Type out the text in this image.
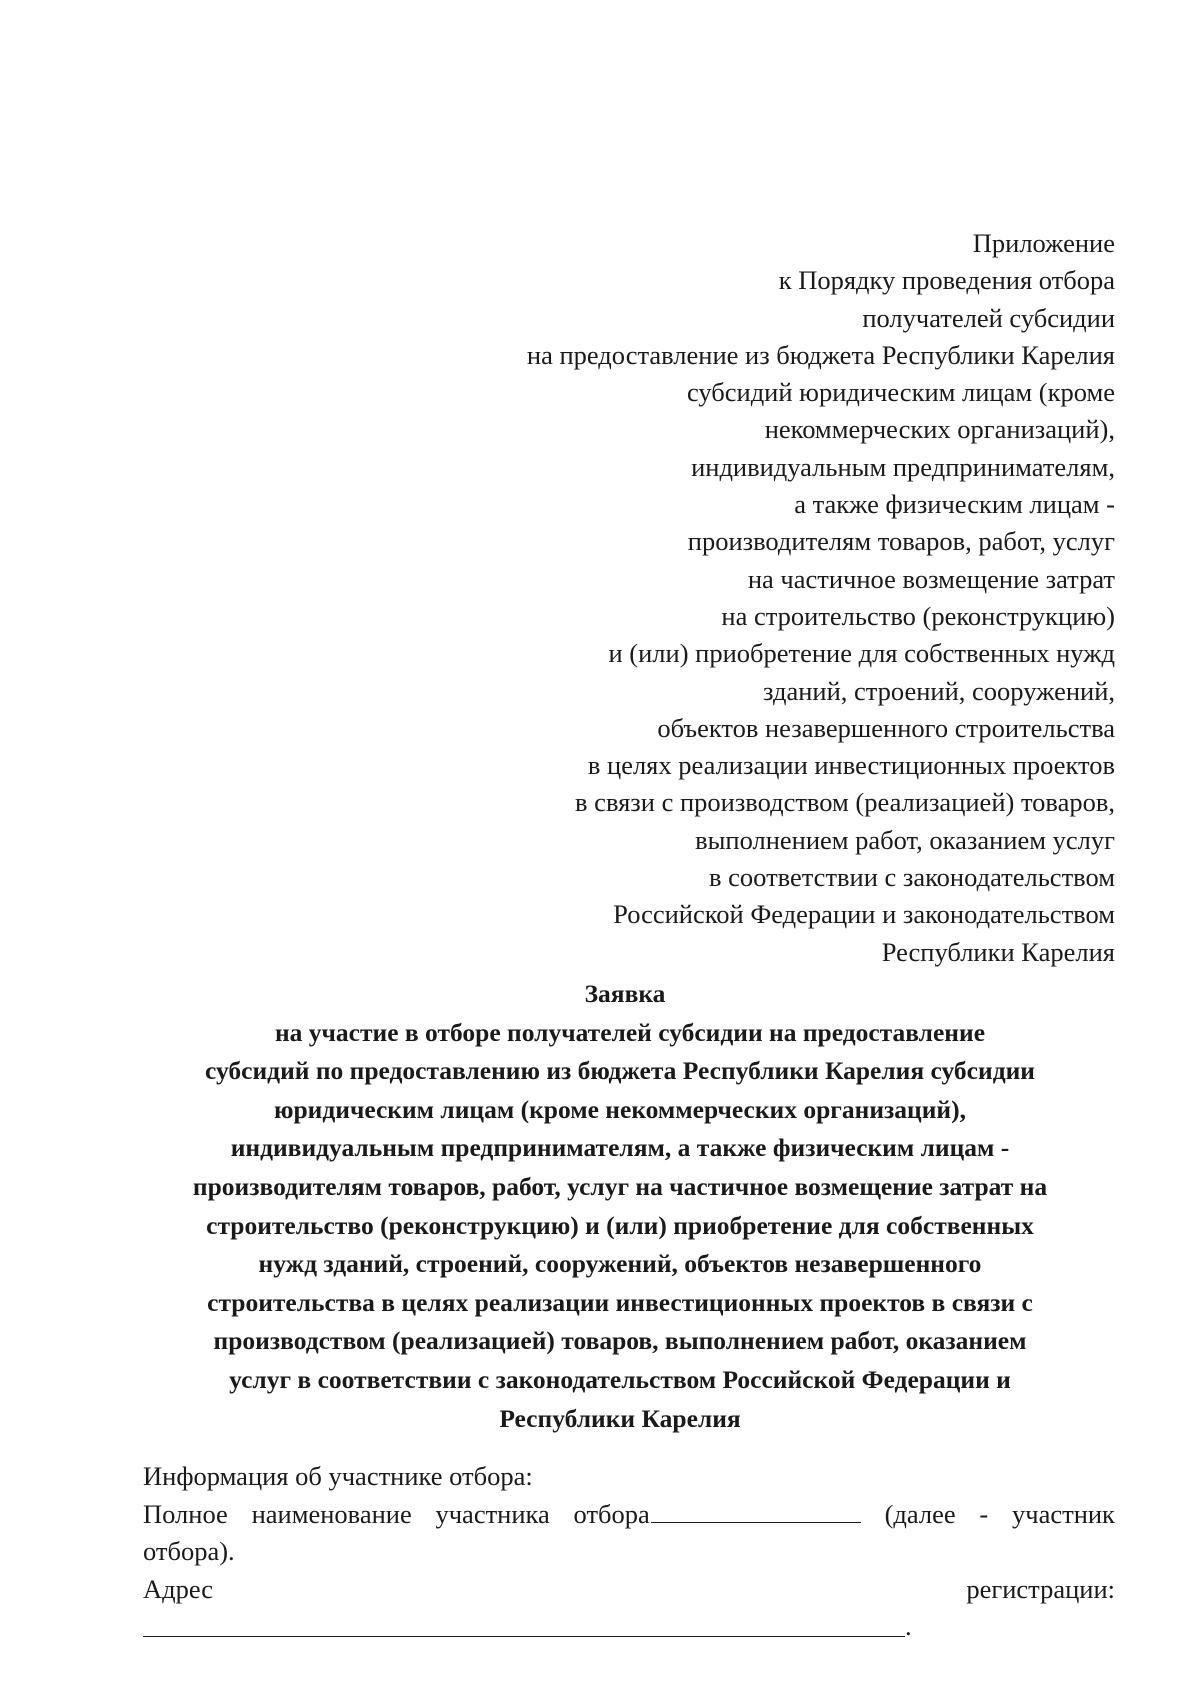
Приложение
к Порядку проведения отбора
получателей субсидии
на предоставление из бюджета Республики Карелия
субсидий юридическим лицам (кроме
некоммерческих организаций),
индивидуальным предпринимателям,
а также физическим лицам -
производителям товаров, работ, услуг
на частичное возмещение затрат
на строительство (реконструкцию)
и (или) приобретение для собственных нужд
зданий, строений, сооружений,
объектов незавершенного строительства
в целях реализации инвестиционных проектов
в связи с производством (реализацией) товаров,
выполнением работ, оказанием услуг
в соответствии с законодательством
Российской Федерации и законодательством
Республики Карелия
Заявка
на участие в отборе получателей субсидии на предоставление
субсидий по предоставлению из бюджета Республики Карелия субсидии
юридическим лицам (кроме некоммерческих организаций),
индивидуальным предпринимателям, а также физическим лицам -
производителям товаров, работ, услуг на частичное возмещение затрат на
строительство (реконструкцию) и (или) приобретение для собственных
нужд зданий, строений, сооружений, объектов незавершенного
строительства в целях реализации инвестиционных проектов в связи с
производством (реализацией) товаров, выполнением работ, оказанием
услуг в соответствии с законодательством Российской Федерации и
Республики Карелия
Информация об участнике отбора:
Полное наименование участника отбора	(далее - участник
отбора).
Адрес	регистрации:
.
